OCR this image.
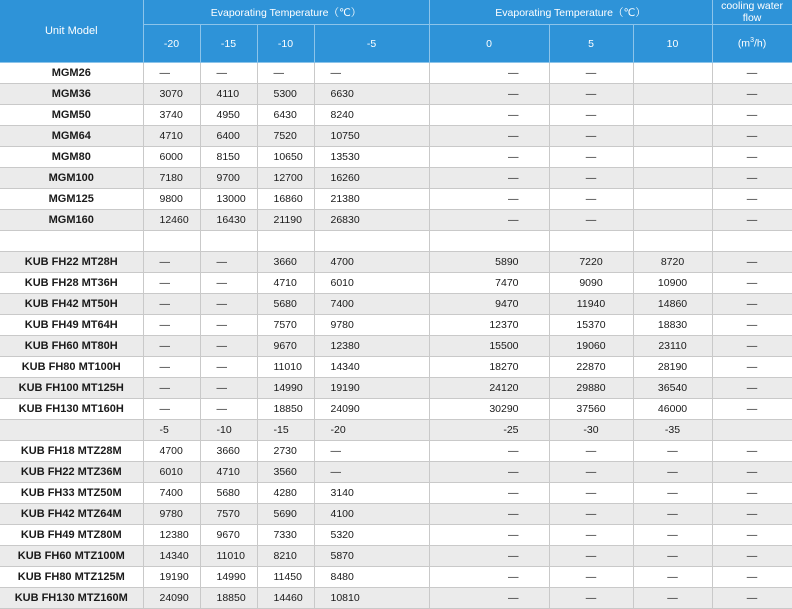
Unit Model	Evaporating Temperature（℃）				Evaporating Temperature（℃）			cooling water flow
	-20	-15	-10	-5	0	5	10	$(m^3/h)$
MGM26	—	—	—	—	—	—		—
MGM36	3070	4110	5300	6630	—	—		—
MGM50	3740	4950	6430	8240	—	—		—
MGM64	4710	6400	7520	10750	—	—		—
MGM80	6000	8150	10650	13530	—	—		—
MGM100	7180	9700	12700	16260	—	—		—
MGM125	9800	13000	16860	21380	—	—		—
MGM160	12460	16430	21190	26830	—	—		—

KUB FH22 MT28H	—	—	3660	4700	5890	7220	8720	—
KUB FH28 MT36H	—	—	4710	6010	7470	9090	10900	—
KUB FH42 MT50H	—	—	5680	7400	9470	11940	14860	—
KUB FH49 MT64H	—	—	7570	9780	12370	15370	18830	—
KUB FH60 MT80H	—	—	9670	12380	15500	19060	23110	—
KUB FH80 MT100H	—	—	11010	14340	18270	22870	28190	—
KUB FH100 MT125H	—	—	14990	19190	24120	29880	36540	—
KUB FH130 MT160H	—	—	18850	24090	30290	37560	46000	—
	-5	-10	-15	-20	-25	-30	-35	
KUB FH18 MTZ28M	4700	3660	2730	—	—	—	—	—
KUB FH22 MTZ36M	6010	4710	3560	—	—	—	—	—
KUB FH33 MTZ50M	7400	5680	4280	3140	—	—	—	—
KUB FH42 MTZ64M	9780	7570	5690	4100	—	—	—	—
KUB FH49 MTZ80M	12380	9670	7330	5320	—	—	—	—
KUB FH60 MTZ100M	14340	11010	8210	5870	—	—	—	—
KUB FH80 MTZ125M	19190	14990	11450	8480	—	—	—	—
KUB FH130 MTZ160M	24090	18850	14460	10810	—	—	—	—
